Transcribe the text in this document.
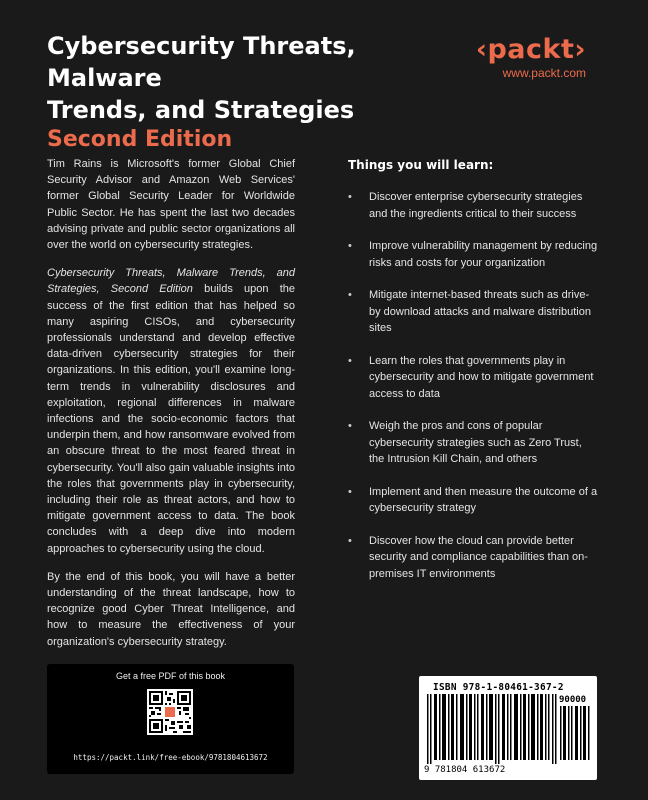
Cybersecurity Threats, Malware
Trends, and Strategies
Second Edition
‹packt›
www.packt.com

Tim Rains is Microsoft's former Global Chief Security Advisor and Amazon Web Services' former Global Security Leader for Worldwide Public Sector. He has spent the last two decades advising private and public sector organizations all over the world on cybersecurity strategies.

Cybersecurity Threats, Malware Trends, and Strategies, Second Edition builds upon the success of the first edition that has helped so many aspiring CISOs, and cybersecurity professionals understand and develop effective data-driven cybersecurity strategies for their organizations. In this edition, you'll examine long-term trends in vulnerability disclosures and exploitation, regional differences in malware infections and the socio-economic factors that underpin them, and how ransomware evolved from an obscure threat to the most feared threat in cybersecurity. You'll also gain valuable insights into the roles that governments play in cybersecurity, including their role as threat actors, and how to mitigate government access to data. The book concludes with a deep dive into modern approaches to cybersecurity using the cloud.

By the end of this book, you will have a better understanding of the threat landscape, how to recognize good Cyber Threat Intelligence, and how to measure the effectiveness of your organization's cybersecurity strategy.

Things you will learn:
• Discover enterprise cybersecurity strategies and the ingredients critical to their success
• Improve vulnerability management by reducing risks and costs for your organization
• Mitigate internet-based threats such as drive-by download attacks and malware distribution sites
• Learn the roles that governments play in cybersecurity and how to mitigate government access to data
• Weigh the pros and cons of popular cybersecurity strategies such as Zero Trust, the Intrusion Kill Chain, and others
• Implement and then measure the outcome of a cybersecurity strategy
• Discover how the cloud can provide better security and compliance capabilities than on-premises IT environments
Get a free PDF of this book
https://packt.link/free-ebook/9781804613672
ISBN 978-1-80461-367-2
90000
9 781804 613672
